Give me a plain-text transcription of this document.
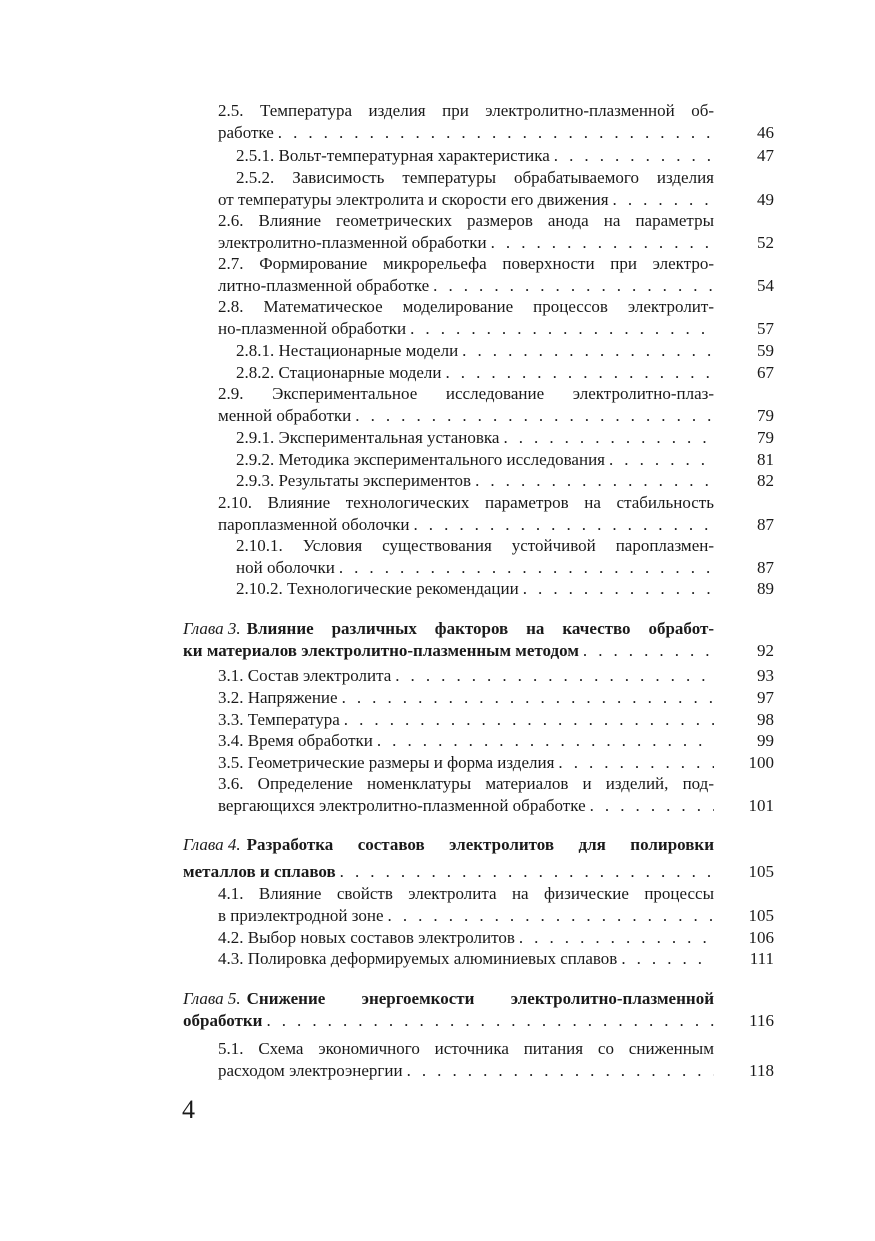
2.5. Температура изделия при электролитно-плазменной об-
работке . . .	46
2.5.1. Вольт-температурная характеристика . . .	47
2.5.2. Зависимость температуры обрабатываемого изделия
от температуры электролита и скорости его движения . . .	49
2.6. Влияние геометрических размеров анода на параметры
электролитно-плазменной обработки . . .	52
2.7. Формирование микрорельефа поверхности при электро-
литно-плазменной обработке . . .	54
2.8. Математическое моделирование процессов электролит-
но-плазменной обработки . . .	57
2.8.1. Нестационарные модели . . .	59
2.8.2. Стационарные модели . . .	67
2.9. Экспериментальное исследование электролитно-плаз-
менной обработки . . .	79
2.9.1. Экспериментальная установка . . .	79
2.9.2. Методика экспериментального исследования . . .	81
2.9.3. Результаты экспериментов . . .	82
2.10. Влияние технологических параметров на стабильность
пароплазменной оболочки . . .	87
2.10.1. Условия существования устойчивой пароплазмен-
ной оболочки . . .	87
2.10.2. Технологические рекомендации . . .	89
Глава 3. Влияние различных факторов на качество обработ-
ки материалов электролитно-плазменным методом . . .	92
3.1. Состав электролита . . .	93
3.2. Напряжение . . .	97
3.3. Температура . . .	98
3.4. Время обработки . . .	99
3.5. Геометрические размеры и форма изделия . . .	100
3.6. Определение номенклатуры материалов и изделий, под-
вергающихся электролитно-плазменной обработке . . .	101
Глава 4. Разработка составов электролитов для полировки
металлов и сплавов . . .	105
4.1. Влияние свойств электролита на физические процессы
в приэлектродной зоне . . .	105
4.2. Выбор новых составов электролитов . . .	106
4.3. Полировка деформируемых алюминиевых сплавов . . .	111
Глава 5. Снижение энергоемкости электролитно-плазменной
обработки . . .	116
5.1. Схема экономичного источника питания со сниженным
расходом электроэнергии . . .	118
4
